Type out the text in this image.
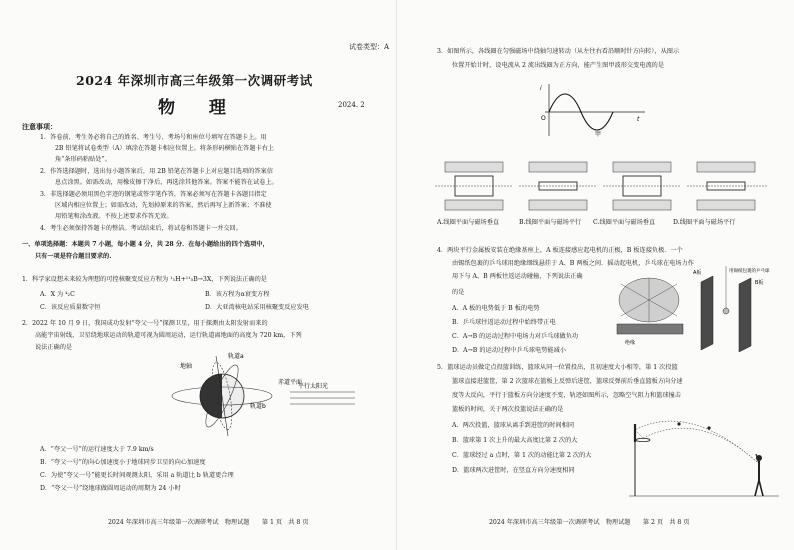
试卷类型：A
2024 年深圳市高三年级第一次调研考试
物 理	2024. 2
注意事项：
1．答卷前，考生务必将自己的姓名、考生号、考场号和座位号填写在答题卡上。用
2B 铅笔将试卷类型（A）填涂在答题卡相应位置上。将条形码横贴在答题卡右上
角“条形码粘贴处”。
2．作答选择题时，选出每小题答案后，用 2B 铅笔在答题卡上对应题目选项的答案信
息点涂黑。如需改动，用橡皮擦干净后，再选涂其他答案。答案不能答在试卷上。
3．非选择题必须用黑色字迹的钢笔或签字笔作答，答案必须写在答题卡各题目指定
区域内相应位置上；如需改动，先划掉原来的答案，然后再写上新答案；不准使
用铅笔和涂改液。不按上述要求作答无效。
4．考生必须保持答题卡的整洁。考试结束后，将试卷和答题卡一并交回。
一、单项选择题：本题共 7 小题，每小题 4 分，共 28 分．在每小题给出的四个选项中，
只有一项是符合题目要求的.
1．科学家设想未来较为理想的可控核聚变反应方程为 ¹₁H+¹¹₅B→3X，下列说法正确的是
A．X 为 ⁴₂C	B．该方程为α衰变方程
C．该反应质量数守恒	D．大亚湾核电站采用核聚变反应发电
2．2022 年 10 月 9 日，我国成功发射“夸父一号”探测卫星，用于探测由太阳发射而来的
高能宇宙射线，卫星绕地球运动的轨道可视为圆周运动，运行轨道离地面的高度为 720 km，下列
说法正确的是
轨道a
地轴
赤道平面
轨道b

平行太阳光
A．“夸父一号”的运行速度大于 7.9 km/s
B．“夸父一号”的向心加速度小于地球同步卫星的向心加速度
C．为使“夸父一号”能更长时间观测太阳，采用 a 轨道比 b 轨道更合理
D．“夸父一号”绕地球做圆周运动的周期为 24 小时
2024 年深圳市高三年级第一次调研考试　物理试题　　第 1 页　共 8 页
3．如图所示，各线圈在匀强磁场中绕轴匀速转动（从左往右看沿顺时针方向转），从图示
位置开始计时，设电流从 2 流出线圈为正方向，能产生图甲波形交变电流的是
i
O	t
甲
A.线圈平面与磁场垂直	B.线圈平面与磁场平行 C.线圈平面与磁场垂直	D.线圈平面与磁场平行
4．两块平行金属板安装在绝缘基座上，A 板连接感应起电机的正极，B 板连接负极．一个
由锡纸包裹的乒乓球用绝缘细线悬挂于 A、B 两板之间．摇动起电机，乒乓球在电场力作
用下与 A、B 两板往返运动碰撞，下列说法正确
的是
A板
B板
用锡纸包裹的乒乓球
绝缘
A．A 板的电势低于 B 板的电势
B．乒乓球往返运动过程中始终带正电
C．A→B 的运动过程中电场力对乒乓球做负功
D．A→B 的运动过程中乒乓球电势能减小
5．篮球运动员做定点投篮训练，篮球从同一位置投出，且初速度大小相等，第 1 次投篮
篮球直接进篮筐，第 2 次篮球在篮板上反弹后进筐，篮球反弹前后垂直篮板方向分速
度等大反向，平行于篮板方向分速度不变，轨迹如图所示，忽略空气阻力和篮球撞击
篮板的时间，关于两次投篮说法正确的是
A．两次投篮，篮球从离手到进筐的时间相同
B．篮球第 1 次上升的最大高度比第 2 次的大
C．篮球经过 a 点时，第 1 次的动能比第 2 次的大
D．篮球两次进筐时，在竖直方向分速度相同
2024 年深圳市高三年级第一次调研考试　物理试题　　第 2 页　共 8 页
